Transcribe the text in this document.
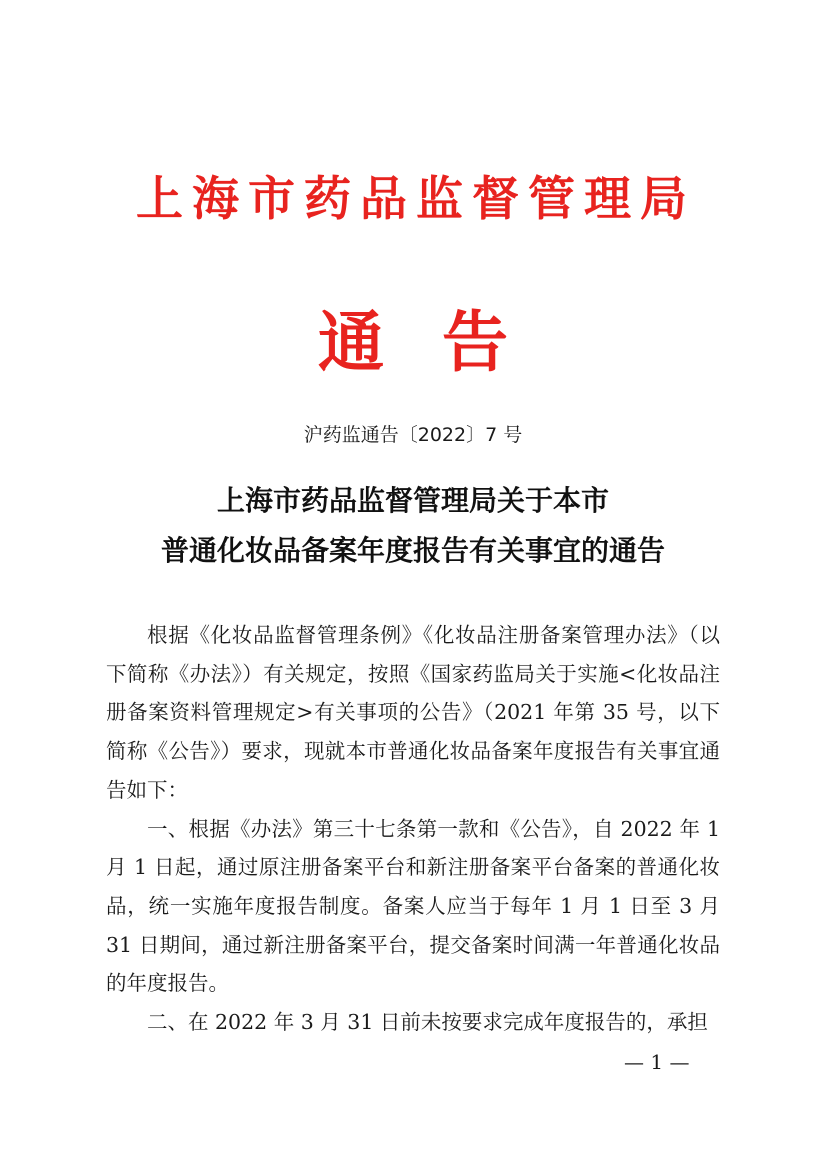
上海市药品监督管理局
通告
沪药监通告〔2022〕7 号
上海市药品监督管理局关于本市
普通化妆品备案年度报告有关事宜的通告

根据《化妆品监督管理条例》《化妆品注册备案管理办法》（以下简称《办法》）有关规定，按照《国家药监局关于实施<化妆品注册备案资料管理规定>有关事项的公告》（2021 年第 35 号，以下简称《公告》）要求，现就本市普通化妆品备案年度报告有关事宜通告如下：

一、根据《办法》第三十七条第一款和《公告》，自 2022 年 1 月 1 日起，通过原注册备案平台和新注册备案平台备案的普通化妆品，统一实施年度报告制度。备案人应当于每年 1 月 1 日至 3 月 31 日期间，通过新注册备案平台，提交备案时间满一年普通化妆品的年度报告。

二、在 2022 年 3 月 31 日前未按要求完成年度报告的，承担

— 1 —
